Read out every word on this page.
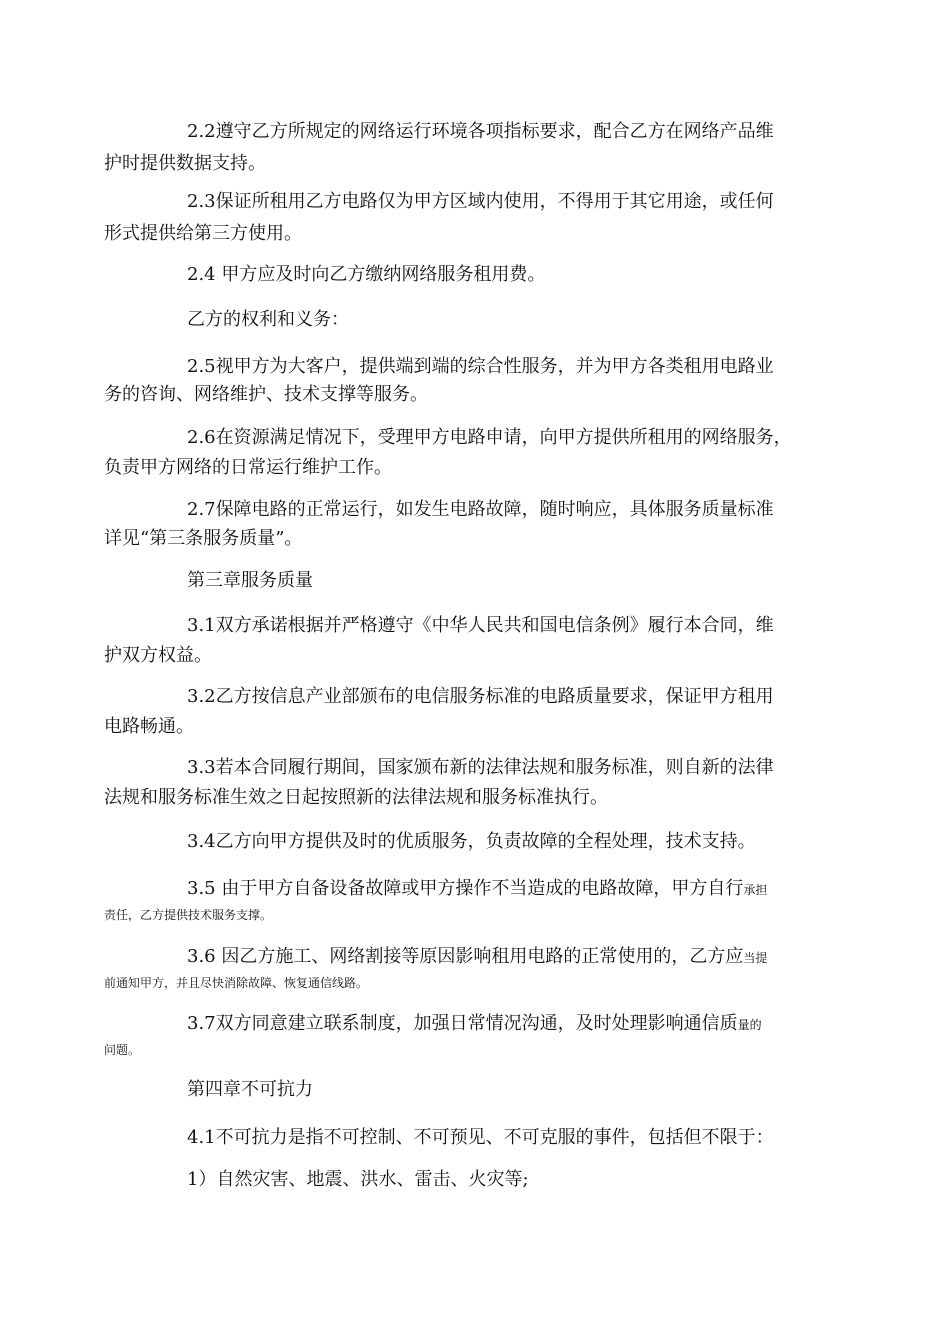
2.2遵守乙方所规定的网络运行环境各项指标要求，配合乙方在网络产品维
护时提供数据支持。
2.3保证所租用乙方电路仅为甲方区域内使用，不得用于其它用途，或任何
形式提供给第三方使用。
2.4 甲方应及时向乙方缴纳网络服务租用费。
乙方的权利和义务：
2.5视甲方为大客户，提供端到端的综合性服务，并为甲方各类租用电路业
务的咨询、网络维护、技术支撑等服务。
2.6在资源满足情况下，受理甲方电路申请，向甲方提供所租用的网络服务，
负责甲方网络的日常运行维护工作。
2.7保障电路的正常运行，如发生电路故障，随时响应，具体服务质量标准
详见“第三条服务质量”。
第三章服务质量
3.1双方承诺根据并严格遵守《中华人民共和国电信条例》履行本合同，维
护双方权益。
3.2乙方按信息产业部颁布的电信服务标准的电路质量要求，保证甲方租用
电路畅通。
3.3若本合同履行期间，国家颁布新的法律法规和服务标准，则自新的法律
法规和服务标准生效之日起按照新的法律法规和服务标准执行。
3.4乙方向甲方提供及时的优质服务，负责故障的全程处理，技术支持。
3.5 由于甲方自备设备故障或甲方操作不当造成的电路故障，甲方自行承担
责任，乙方提供技术服务支撑。
3.6 因乙方施工、网络割接等原因影响租用电路的正常使用的，乙方应当提
前通知甲方，并且尽快消除故障、恢复通信线路。
3.7双方同意建立联系制度，加强日常情况沟通，及时处理影响通信质量的
问题。
第四章不可抗力
4.1不可抗力是指不可控制、不可预见、不可克服的事件，包括但不限于：
1）自然灾害、地震、洪水、雷击、火灾等;
